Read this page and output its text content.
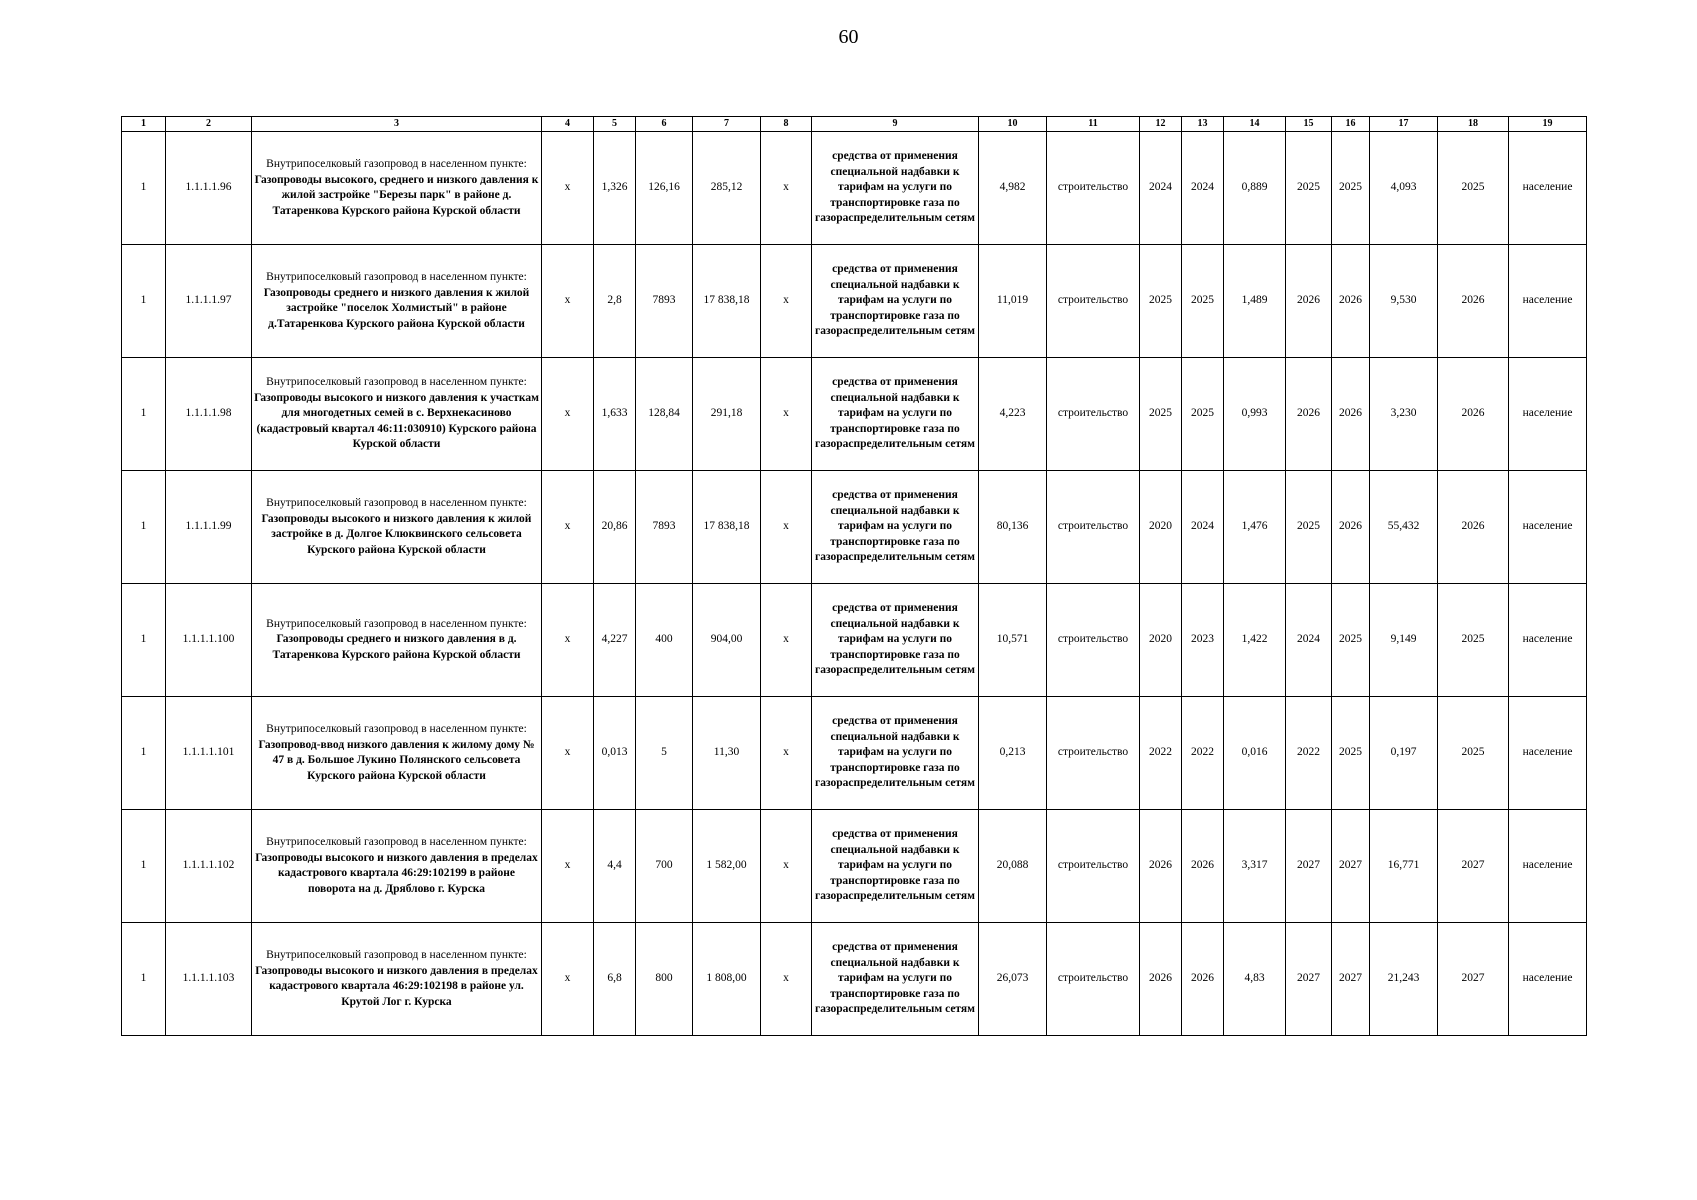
60
1	2	3	4	5	6	7	8	9	10	11	12	13	14	15	16	17	18	19
1	1.1.1.1.96	Внутрипоселковый газопровод в населенном пункте:
Газопроводы высокого, среднего и низкого давления к жилой застройке "Березы парк" в районе д. Татаренкова Курского района Курской области	x	1,326	126,16	285,12	x	средства от применения специальной надбавки к тарифам на услуги по транспортировке газа по газораспределительным сетям	4,982	строительство	2024	2024	0,889	2025	2025	4,093	2025	население
1	1.1.1.1.97	Внутрипоселковый газопровод в населенном пункте:
Газопроводы среднего и низкого давления к жилой застройке "поселок Холмистый" в районе д.Татаренкова Курского района Курской области	x	2,8	7893	17 838,18	x	средства от применения специальной надбавки к тарифам на услуги по транспортировке газа по газораспределительным сетям	11,019	строительство	2025	2025	1,489	2026	2026	9,530	2026	население
1	1.1.1.1.98	Внутрипоселковый газопровод в населенном пункте:
Газопроводы высокого и низкого давления к участкам для многодетных семей в с. Верхнекасиново (кадастровый квартал 46:11:030910) Курского района Курской области	x	1,633	128,84	291,18	x	средства от применения специальной надбавки к тарифам на услуги по транспортировке газа по газораспределительным сетям	4,223	строительство	2025	2025	0,993	2026	2026	3,230	2026	население
1	1.1.1.1.99	Внутрипоселковый газопровод в населенном пункте:
Газопроводы высокого и низкого давления к жилой застройке в д. Долгое Клюквинского сельсовета Курского района Курской области	x	20,86	7893	17 838,18	x	средства от применения специальной надбавки к тарифам на услуги по транспортировке газа по газораспределительным сетям	80,136	строительство	2020	2024	1,476	2025	2026	55,432	2026	население
1	1.1.1.1.100	Внутрипоселковый газопровод в населенном пункте:
Газопроводы среднего и низкого давления в д. Татаренкова Курского района Курской области	x	4,227	400	904,00	x	средства от применения специальной надбавки к тарифам на услуги по транспортировке газа по газораспределительным сетям	10,571	строительство	2020	2023	1,422	2024	2025	9,149	2025	население
1	1.1.1.1.101	Внутрипоселковый газопровод в населенном пункте:
Газопровод-ввод низкого давления к жилому дому № 47 в д. Большое Лукино Полянского сельсовета Курского района Курской области	x	0,013	5	11,30	x	средства от применения специальной надбавки к тарифам на услуги по транспортировке газа по газораспределительным сетям	0,213	строительство	2022	2022	0,016	2022	2025	0,197	2025	население
1	1.1.1.1.102	Внутрипоселковый газопровод в населенном пункте:
Газопроводы высокого и низкого давления в пределах кадастрового квартала 46:29:102199 в районе поворота на д. Дряблово г. Курска	x	4,4	700	1 582,00	x	средства от применения специальной надбавки к тарифам на услуги по транспортировке газа по газораспределительным сетям	20,088	строительство	2026	2026	3,317	2027	2027	16,771	2027	население
1	1.1.1.1.103	Внутрипоселковый газопровод в населенном пункте:
Газопроводы высокого и низкого давления в пределах кадастрового квартала 46:29:102198 в районе ул. Крутой Лог г. Курска	x	6,8	800	1 808,00	x	средства от применения специальной надбавки к тарифам на услуги по транспортировке газа по газораспределительным сетям	26,073	строительство	2026	2026	4,83	2027	2027	21,243	2027	население
